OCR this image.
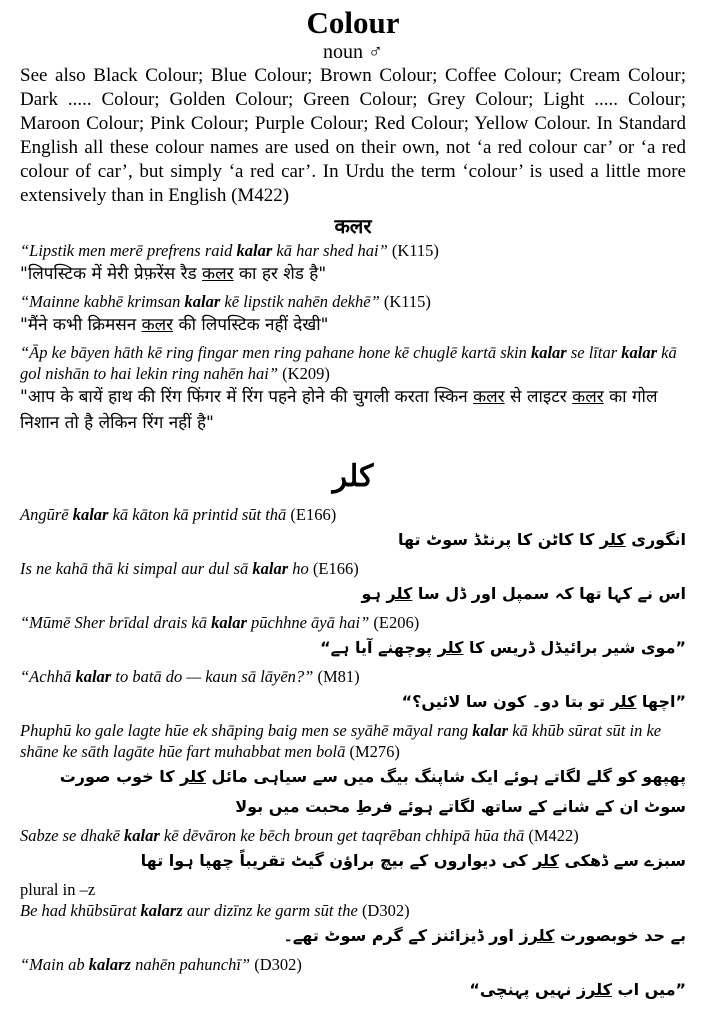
Colour
noun ♂

See also Black Colour; Blue Colour; Brown Colour; Coffee Colour; Cream Colour; Dark ..... Colour; Golden Colour; Green Colour; Grey Colour; Light ..... Colour; Maroon Colour; Pink Colour; Purple Colour; Red Colour; Yellow Colour. In Standard English all these colour names are used on their own, not ‘a red colour car’ or ‘a red colour of car’, but simply ‘a red car’. In Urdu the term ‘colour’ is used a little more extensively than in English (M422)

कलर
“Lipstik men merē prefrens raid kalar kā har shed hai” (K115)
"लिपस्टिक में मेरी प्रेफ़रेंस रैड कलर का हर शेड है"
“Mainne kabhē krimsan kalar kē lipstik nahēn dekhē” (K115)
"मैंने कभी क्रिमसन कलर की लिपस्टिक नहीं देखी"
“Āp ke bāyen hāth kē ring fingar men ring pahane hone kē chuglē kartā skin kalar se lītar kalar kā gol nishān to hai lekin ring nahēn hai” (K209)
"आप के बायें हाथ की रिंग फिंगर में रिंग पहने होने की चुगली करता स्किन कलर से लाइटर कलर का गोल निशान तो है लेकिन रिंग नहीं है"
کلر
Angūrē kalar kā kāton kā printid sūt thā (E166)
انگوری کلر کا کاٹن کا پرنٹڈ سوٹ تھا
Is ne kahā thā ki simpal aur dul sā kalar ho (E166)
اس نے کہا تھا کہ سمپل اور ڈل سا کلر ہو
“Mūmē Sher brīdal drais kā kalar pūchhne āyā hai” (E206)
”موی شیر برائیڈل ڈریس کا کلر پوچھنے آیا ہے“
“Achhā kalar to batā do — kaun sā lāyēn?” (M81)
”اچھا کلر تو بتا دو۔ کون سا لائیں؟“
Phuphū ko gale lagte hūe ek shāping baig men se syāhē māyal rang kalar kā khūb sūrat sūt in ke shāne ke sāth lagāte hūe fart muhabbat men bolā (M276)
پھپھو کو گلے لگاتے ہوئے ایک شاپنگ بیگ میں سے سیاہی مائل کلر کا خوب صورت سوٹ ان کے شانے کے ساتھ لگاتے ہوئے فرطِ محبت میں بولا
Sabze se dhakē kalar kē dēvāron ke bēch broun get taqrēban chhipā hūa thā (M422)
سبزے سے ڈھکی کلر کی دیواروں کے بیچ براؤن گیٹ تقریباً چھپا ہوا تھا
plural in –z
Be had khūbsūrat kalarz aur dizīnz ke garm sūt the (D302)
بے حد خوبصورت کلرز اور ڈیزائنز کے گرم سوٹ تھے۔
“Main ab kalarz nahēn pahunchī” (D302)
”میں اب کلرز نہیں پہنچی“
